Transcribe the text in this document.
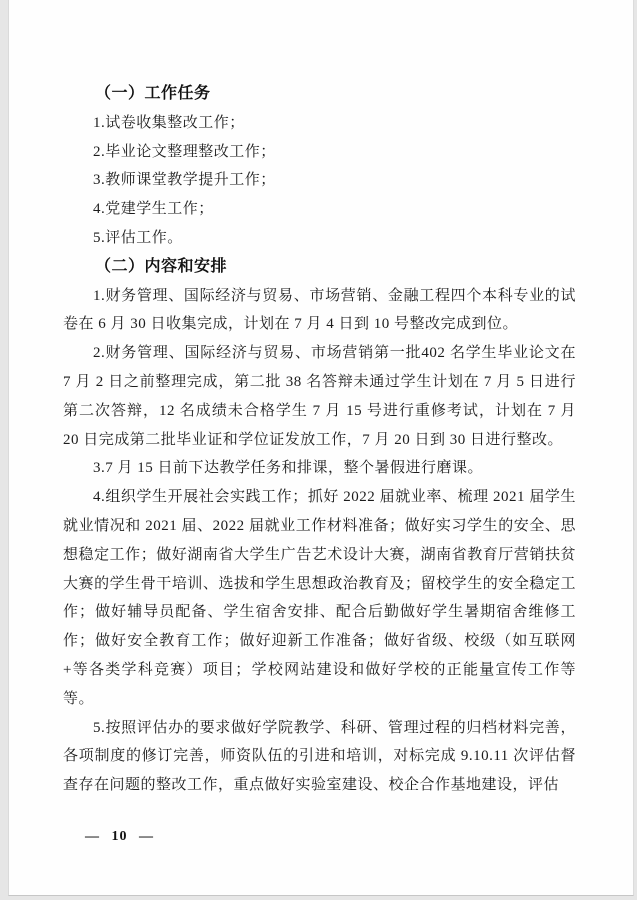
（一）工作任务

1.试卷收集整改工作；

2.毕业论文整理整改工作；

3.教师课堂教学提升工作；

4.党建学生工作；

5.评估工作。

（二）内容和安排

1.财务管理、国际经济与贸易、市场营销、金融工程四个本科专业的试卷在 6 月 30 日收集完成，计划在 7 月 4 日到 10 号整改完成到位。

2.财务管理、国际经济与贸易、市场营销第一批402 名学生毕业论文在 7 月 2 日之前整理完成，第二批 38 名答辩未通过学生计划在 7 月 5 日进行第二次答辩，12 名成绩未合格学生 7 月 15 号进行重修考试，计划在 7 月 20 日完成第二批毕业证和学位证发放工作，7 月 20 日到 30 日进行整改。

3.7 月 15 日前下达教学任务和排课，整个暑假进行磨课。

4.组织学生开展社会实践工作；抓好 2022 届就业率、梳理 2021 届学生就业情况和 2021 届、2022 届就业工作材料准备；做好实习学生的安全、思想稳定工作；做好湖南省大学生广告艺术设计大赛，湖南省教育厅营销扶贫大赛的学生骨干培训、选拔和学生思想政治教育及；留校学生的安全稳定工作；做好辅导员配备、学生宿舍安排、配合后勤做好学生暑期宿舍维修工作；做好安全教育工作；做好迎新工作准备；做好省级、校级（如互联网+等各类学科竞赛）项目；学校网站建设和做好学校的正能量宣传工作等等。

5.按照评估办的要求做好学院教学、科研、管理过程的归档材料完善，各项制度的修订完善，师资队伍的引进和培训，对标完成 9.10.11 次评估督查存在问题的整改工作，重点做好实验室建设、校企合作基地建设，评估

— 10 —
